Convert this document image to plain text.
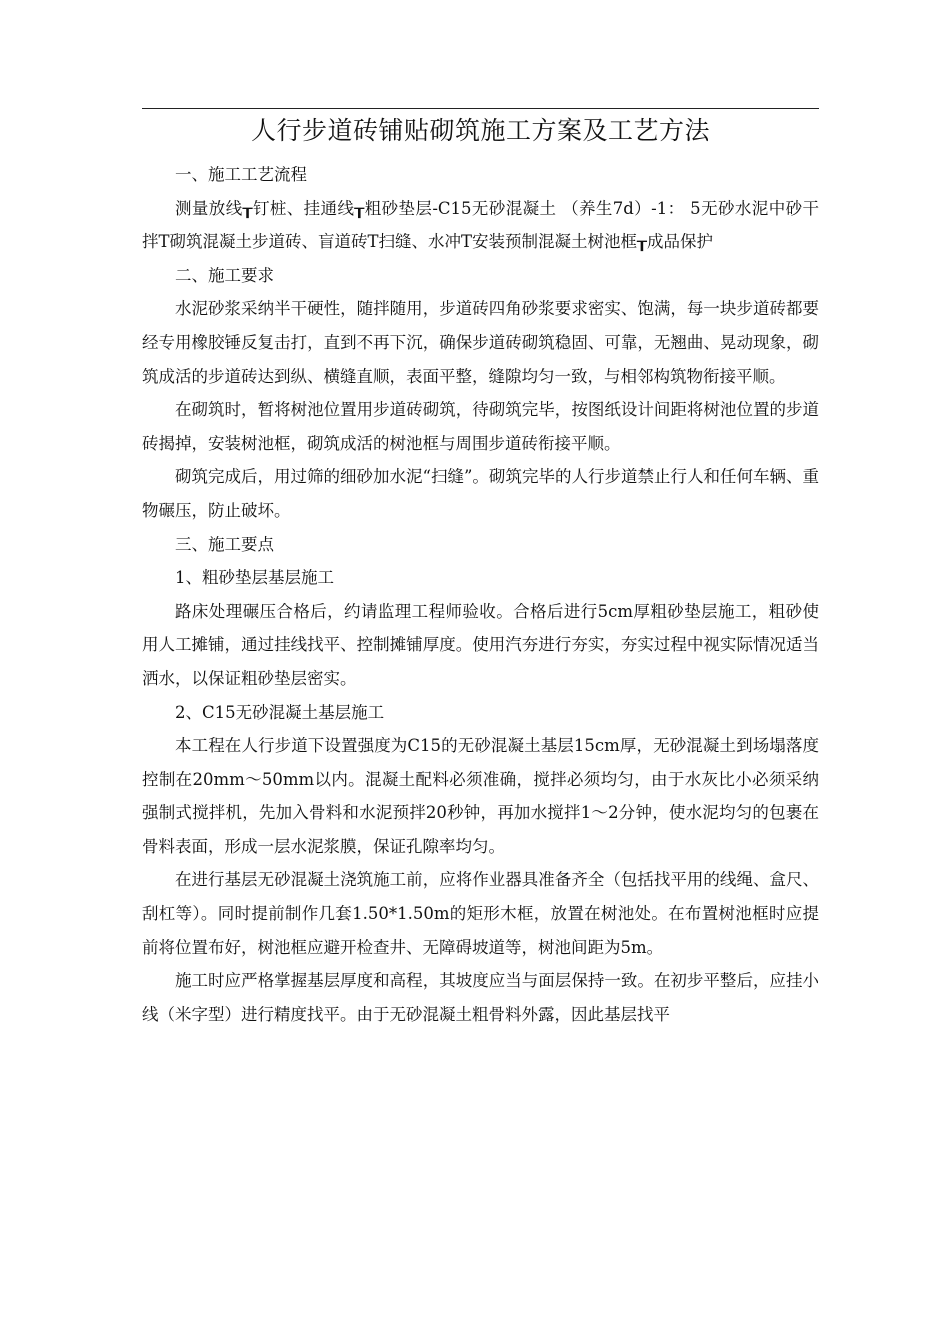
人行步道砖铺贴砌筑施工方案及工艺方法

一、施工工艺流程

测量放线┰钉桩、挂通线┰粗砂垫层-C15无砂混凝土 （养生7d）-1： 5无砂水泥中砂干拌T砌筑混凝土步道砖、盲道砖T扫缝、水冲T安装预制混凝土树池框┰成品保护

二、施工要求

水泥砂浆采纳半干硬性，随拌随用，步道砖四角砂浆要求密实、饱满，每一块步道砖都要经专用橡胶锤反复击打，直到不再下沉，确保步道砖砌筑稳固、可靠，无翘曲、晃动现象，砌筑成活的步道砖达到纵、横缝直顺，表面平整，缝隙均匀一致，与相邻构筑物衔接平顺。

在砌筑时，暂将树池位置用步道砖砌筑，待砌筑完毕，按图纸设计间距将树池位置的步道砖揭掉，安装树池框，砌筑成活的树池框与周围步道砖衔接平顺。

砌筑完成后，用过筛的细砂加水泥“扫缝”。砌筑完毕的人行步道禁止行人和任何车辆、重物碾压，防止破坏。

三、施工要点

1、粗砂垫层基层施工

路床处理碾压合格后，约请监理工程师验收。合格后进行5cm厚粗砂垫层施工，粗砂使用人工摊铺，通过挂线找平、控制摊铺厚度。使用汽夯进行夯实，夯实过程中视实际情况适当洒水，以保证粗砂垫层密实。

2、C15无砂混凝土基层施工

本工程在人行步道下设置强度为C15的无砂混凝土基层15cm厚，无砂混凝土到场塌落度控制在20mm〜50mm以内。混凝土配料必须准确，搅拌必须均匀，由于水灰比小必须采纳强制式搅拌机，先加入骨料和水泥预拌20秒钟，再加水搅拌1〜2分钟，使水泥均匀的包裹在骨料表面，形成一层水泥浆膜，保证孔隙率均匀。

在进行基层无砂混凝土浇筑施工前，应将作业器具准备齐全（包括找平用的线绳、盒尺、刮杠等）。同时提前制作几套1.50*1.50m的矩形木框，放置在树池处。在布置树池框时应提前将位置布好，树池框应避开检查井、无障碍坡道等，树池间距为5m。

施工时应严格掌握基层厚度和高程，其坡度应当与面层保持一致。在初步平整后，应挂小线（米字型）进行精度找平。由于无砂混凝土粗骨料外露，因此基层找平
